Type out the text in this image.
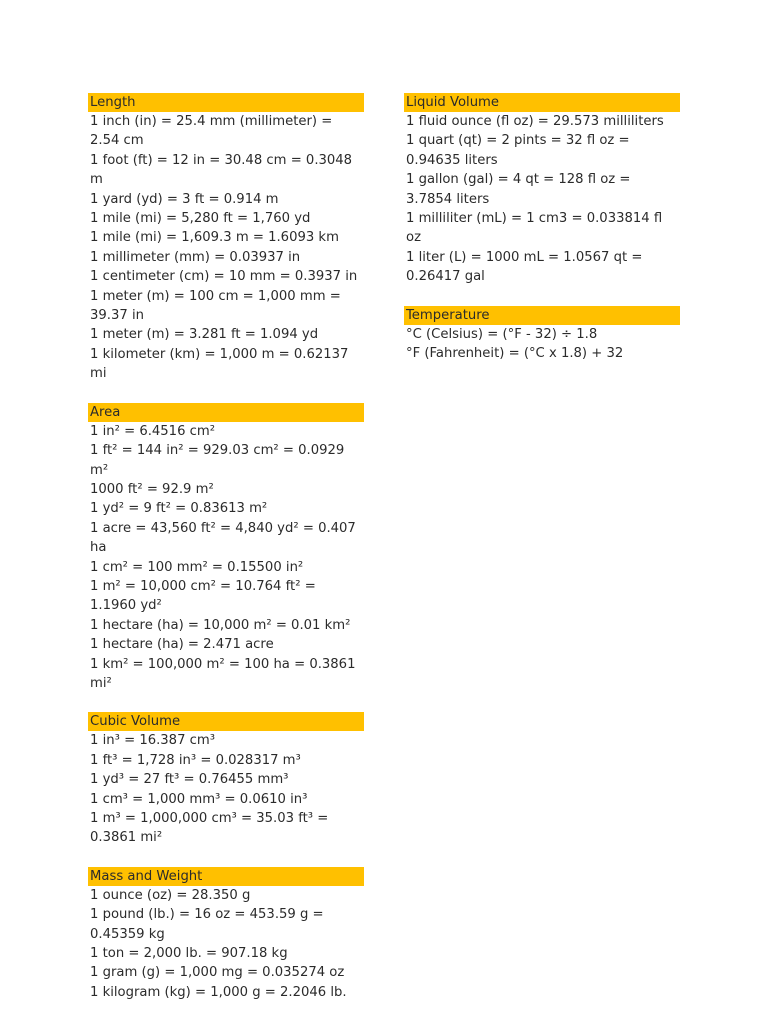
Length
1 inch (in) = 25.4 mm (millimeter) = 2.54 cm
1 foot (ft) = 12 in = 30.48 cm = 0.3048 m
1 yard (yd) = 3 ft = 0.914 m
1 mile (mi) = 5,280 ft = 1,760 yd
1 mile (mi) = 1,609.3 m = 1.6093 km
1 millimeter (mm) = 0.03937 in
1 centimeter (cm) = 10 mm = 0.3937 in
1 meter (m) = 100 cm = 1,000 mm = 39.37 in
1 meter (m) = 3.281 ft = 1.094 yd
1 kilometer (km) = 1,000 m = 0.62137 mi
Area
1 in² = 6.4516 cm²
1 ft² = 144 in² = 929.03 cm² = 0.0929 m²
1000 ft² = 92.9 m²
1 yd² = 9 ft² = 0.83613 m²
1 acre = 43,560 ft² = 4,840 yd² = 0.407 ha
1 cm² = 100 mm² = 0.15500 in²
1 m² = 10,000 cm² = 10.764 ft² = 1.1960 yd²
1 hectare (ha) = 10,000 m² = 0.01 km²
1 hectare (ha) = 2.471 acre
1 km² = 100,000 m² = 100 ha = 0.3861 mi²
Cubic Volume
1 in³ = 16.387 cm³
1 ft³ = 1,728 in³ = 0.028317 m³
1 yd³ = 27 ft³ = 0.76455 mm³
1 cm³ = 1,000 mm³ = 0.0610 in³
1 m³ = 1,000,000 cm³ = 35.03 ft³ = 0.3861 mi²
Mass and Weight
1 ounce (oz) = 28.350 g
1 pound (lb.) = 16 oz = 453.59 g = 0.45359 kg
1 ton = 2,000 lb. = 907.18 kg
1 gram (g) = 1,000 mg = 0.035274 oz
1 kilogram (kg) = 1,000 g = 2.2046 lb.
Liquid Volume
1 fluid ounce (fl oz) = 29.573 milliliters
1 quart (qt) = 2 pints = 32 fl oz = 0.94635 liters
1 gallon (gal) = 4 qt = 128 fl oz = 3.7854 liters
1 milliliter (mL) = 1 cm3 = 0.033814 fl oz
1 liter (L) = 1000 mL = 1.0567 qt = 0.26417 gal
Temperature
°C (Celsius) = (°F - 32) ÷ 1.8
°F (Fahrenheit) = (°C x 1.8) + 32
